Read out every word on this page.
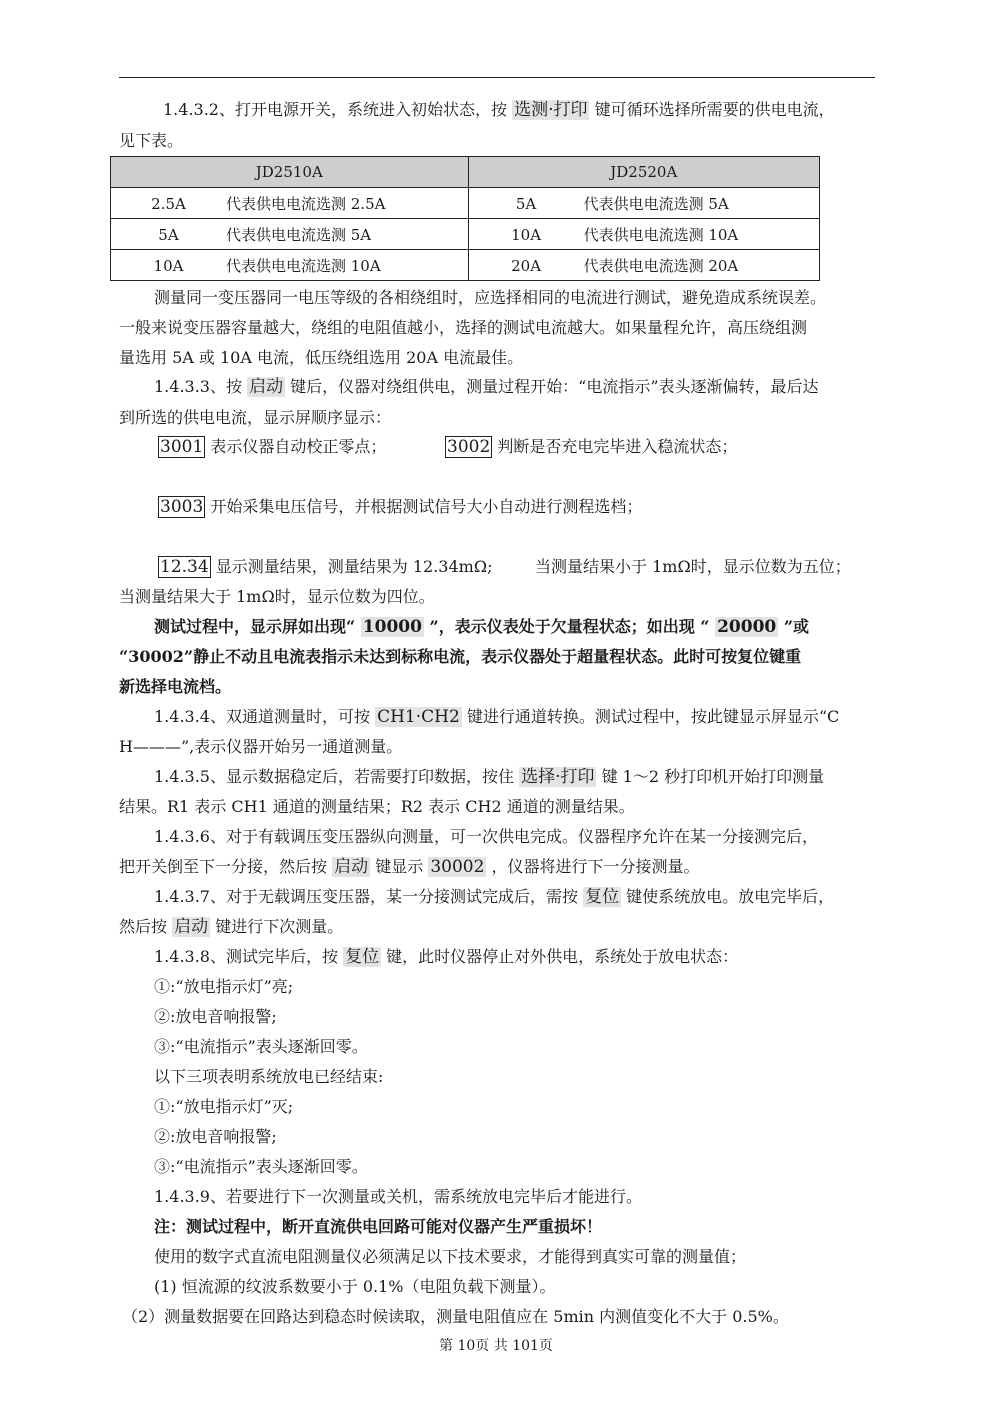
1.4.3.2、打开电源开关，系统进入初始状态，按 选测·打印 键可循环选择所需要的供电电流，
见下表。
JD2510A	JD2520A
2.5A 代表供电电流选测 2.5A	5A 代表供电电流选测 5A
5A 代表供电电流选测 5A	10A 代表供电电流选测 10A
10A 代表供电电流选测 10A	20A 代表供电电流选测 20A
测量同一变压器同一电压等级的各相绕组时，应选择相同的电流进行测试，避免造成系统误差。
一般来说变压器容量越大，绕组的电阻值越小，选择的测试电流越大。如果量程允许，高压绕组测
量选用 5A 或 10A 电流，低压绕组选用 20A 电流最佳。
1.4.3.3、按 启动 键后，仪器对绕组供电，测量过程开始：“电流指示”表头逐渐偏转，最后达
到所选的供电电流，显示屏顺序显示：
3001 表示仪器自动校正零点；	3002 判断是否充电完毕进入稳流状态；
3003 开始采集电压信号，并根据测试信号大小自动进行测程选档；
12.34 显示测量结果，测量结果为 12.34mΩ;	当测量结果小于 1mΩ时，显示位数为五位；
当测量结果大于 1mΩ时，显示位数为四位。
测试过程中，显示屏如出现“ 10000 ”，表示仪表处于欠量程状态；如出现 “ 20000 ”或
“30002”静止不动且电流表指示未达到标称电流，表示仪器处于超量程状态。此时可按复位键重
新选择电流档。
1.4.3.4、双通道测量时，可按 CH1·CH2 键进行通道转换。测试过程中，按此键显示屏显示“C
H———”,表示仪器开始另一通道测量。
1.4.3.5、显示数据稳定后，若需要打印数据，按住 选择·打印 键 1～2 秒打印机开始打印测量
结果。R1 表示 CH1 通道的测量结果；R2 表示 CH2 通道的测量结果。
1.4.3.6、对于有载调压变压器纵向测量，可一次供电完成。仪器程序允许在某一分接测完后，
把开关倒至下一分接，然后按 启动 键显示 30002 ，仪器将进行下一分接测量。
1.4.3.7、对于无载调压变压器，某一分接测试完成后，需按 复位 键使系统放电。放电完毕后，
然后按 启动 键进行下次测量。
1.4.3.8、测试完毕后，按 复位 键，此时仪器停止对外供电，系统处于放电状态：
①:“放电指示灯”亮;
②:放电音响报警;
③:“电流指示”表头逐渐回零。
以下三项表明系统放电已经结束:
①:“放电指示灯”灭;
②:放电音响报警;
③:“电流指示”表头逐渐回零。
1.4.3.9、若要进行下一次测量或关机，需系统放电完毕后才能进行。
注：测试过程中，断开直流供电回路可能对仪器产生严重损坏！
使用的数字式直流电阻测量仪必须满足以下技术要求，才能得到真实可靠的测量值；
(1) 恒流源的纹波系数要小于 0.1%（电阻负载下测量）。
（2）测量数据要在回路达到稳态时候读取，测量电阻值应在 5min 内测值变化不大于 0.5%。
第 10页 共 101页
